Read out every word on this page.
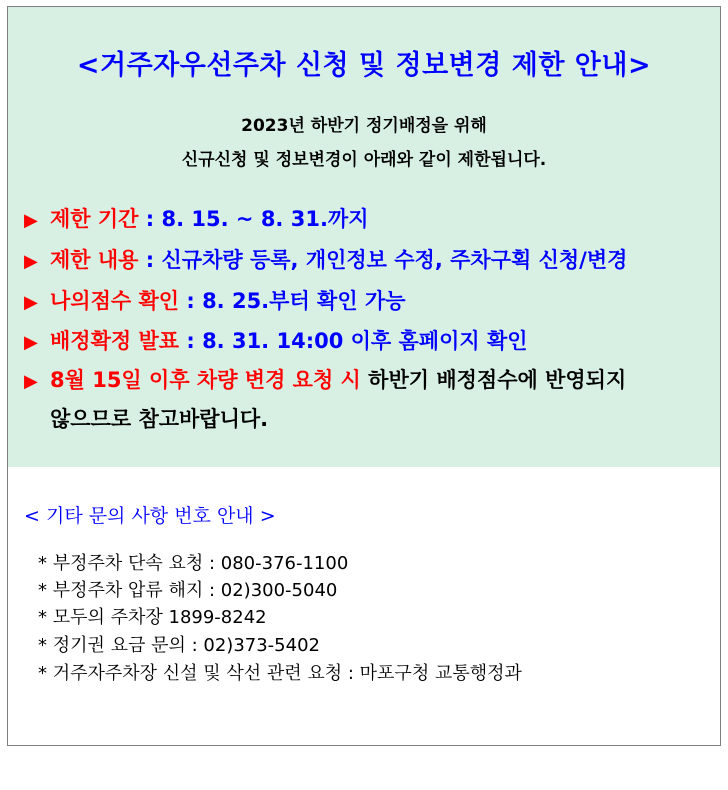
<거주자우선주차 신청 및 정보변경 제한 안내>
2023년 하반기 정기배정을 위해
신규신청 및 정보변경이 아래와 같이 제한됩니다.
▶ 제한 기간 : 8. 15. ~ 8. 31.까지
▶ 제한 내용 : 신규차량 등록, 개인정보 수정, 주차구획 신청/변경
▶ 나의점수 확인 : 8. 25.부터 확인 가능
▶ 배정확정 발표 : 8. 31. 14:00 이후 홈페이지 확인
▶ 8월 15일 이후 차량 변경 요청 시 하반기 배정점수에 반영되지
않으므로 참고바랍니다.
< 기타 문의 사항 번호 안내 >
* 부정주차 단속 요청 : 080-376-1100
* 부정주차 압류 해지 : 02)300-5040
* 모두의 주차장 1899-8242
* 정기권 요금 문의 : 02)373-5402
* 거주자주차장 신설 및 삭선 관련 요청 : 마포구청 교통행정과
